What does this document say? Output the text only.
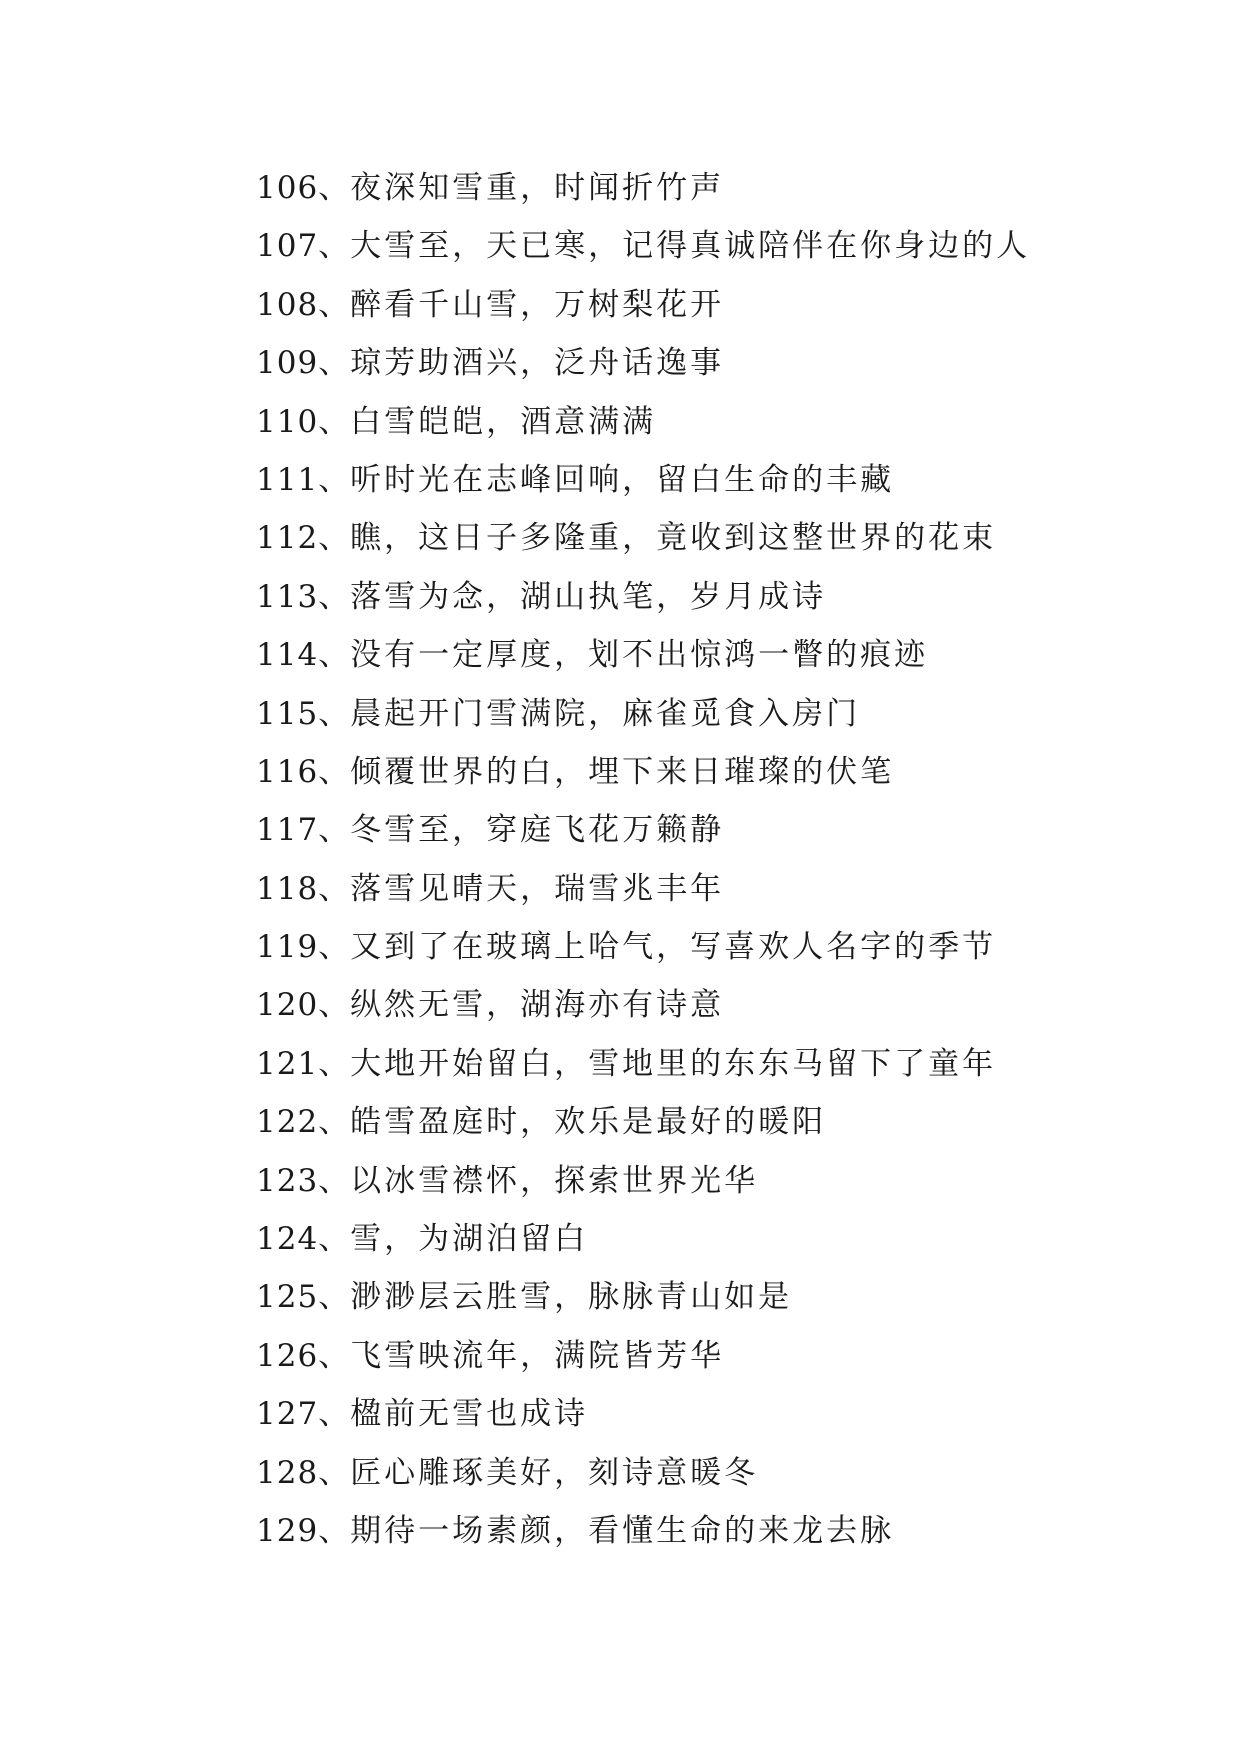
106、夜深知雪重，时闻折竹声
107、大雪至，天已寒，记得真诚陪伴在你身边的人
108、醉看千山雪，万树梨花开
109、琼芳助酒兴，泛舟话逸事
110、白雪皑皑，酒意满满
111、听时光在志峰回响，留白生命的丰藏
112、瞧，这日子多隆重，竟收到这整世界的花束
113、落雪为念，湖山执笔，岁月成诗
114、没有一定厚度，划不出惊鸿一瞥的痕迹
115、晨起开门雪满院，麻雀觅食入房门
116、倾覆世界的白，埋下来日璀璨的伏笔
117、冬雪至，穿庭飞花万籁静
118、落雪见晴天，瑞雪兆丰年
119、又到了在玻璃上哈气，写喜欢人名字的季节
120、纵然无雪，湖海亦有诗意
121、大地开始留白，雪地里的东东马留下了童年
122、皓雪盈庭时，欢乐是最好的暖阳
123、以冰雪襟怀，探索世界光华
124、雪，为湖泊留白
125、渺渺层云胜雪，脉脉青山如是
126、飞雪映流年，满院皆芳华
127、楹前无雪也成诗
128、匠心雕琢美好，刻诗意暖冬
129、期待一场素颜，看懂生命的来龙去脉
